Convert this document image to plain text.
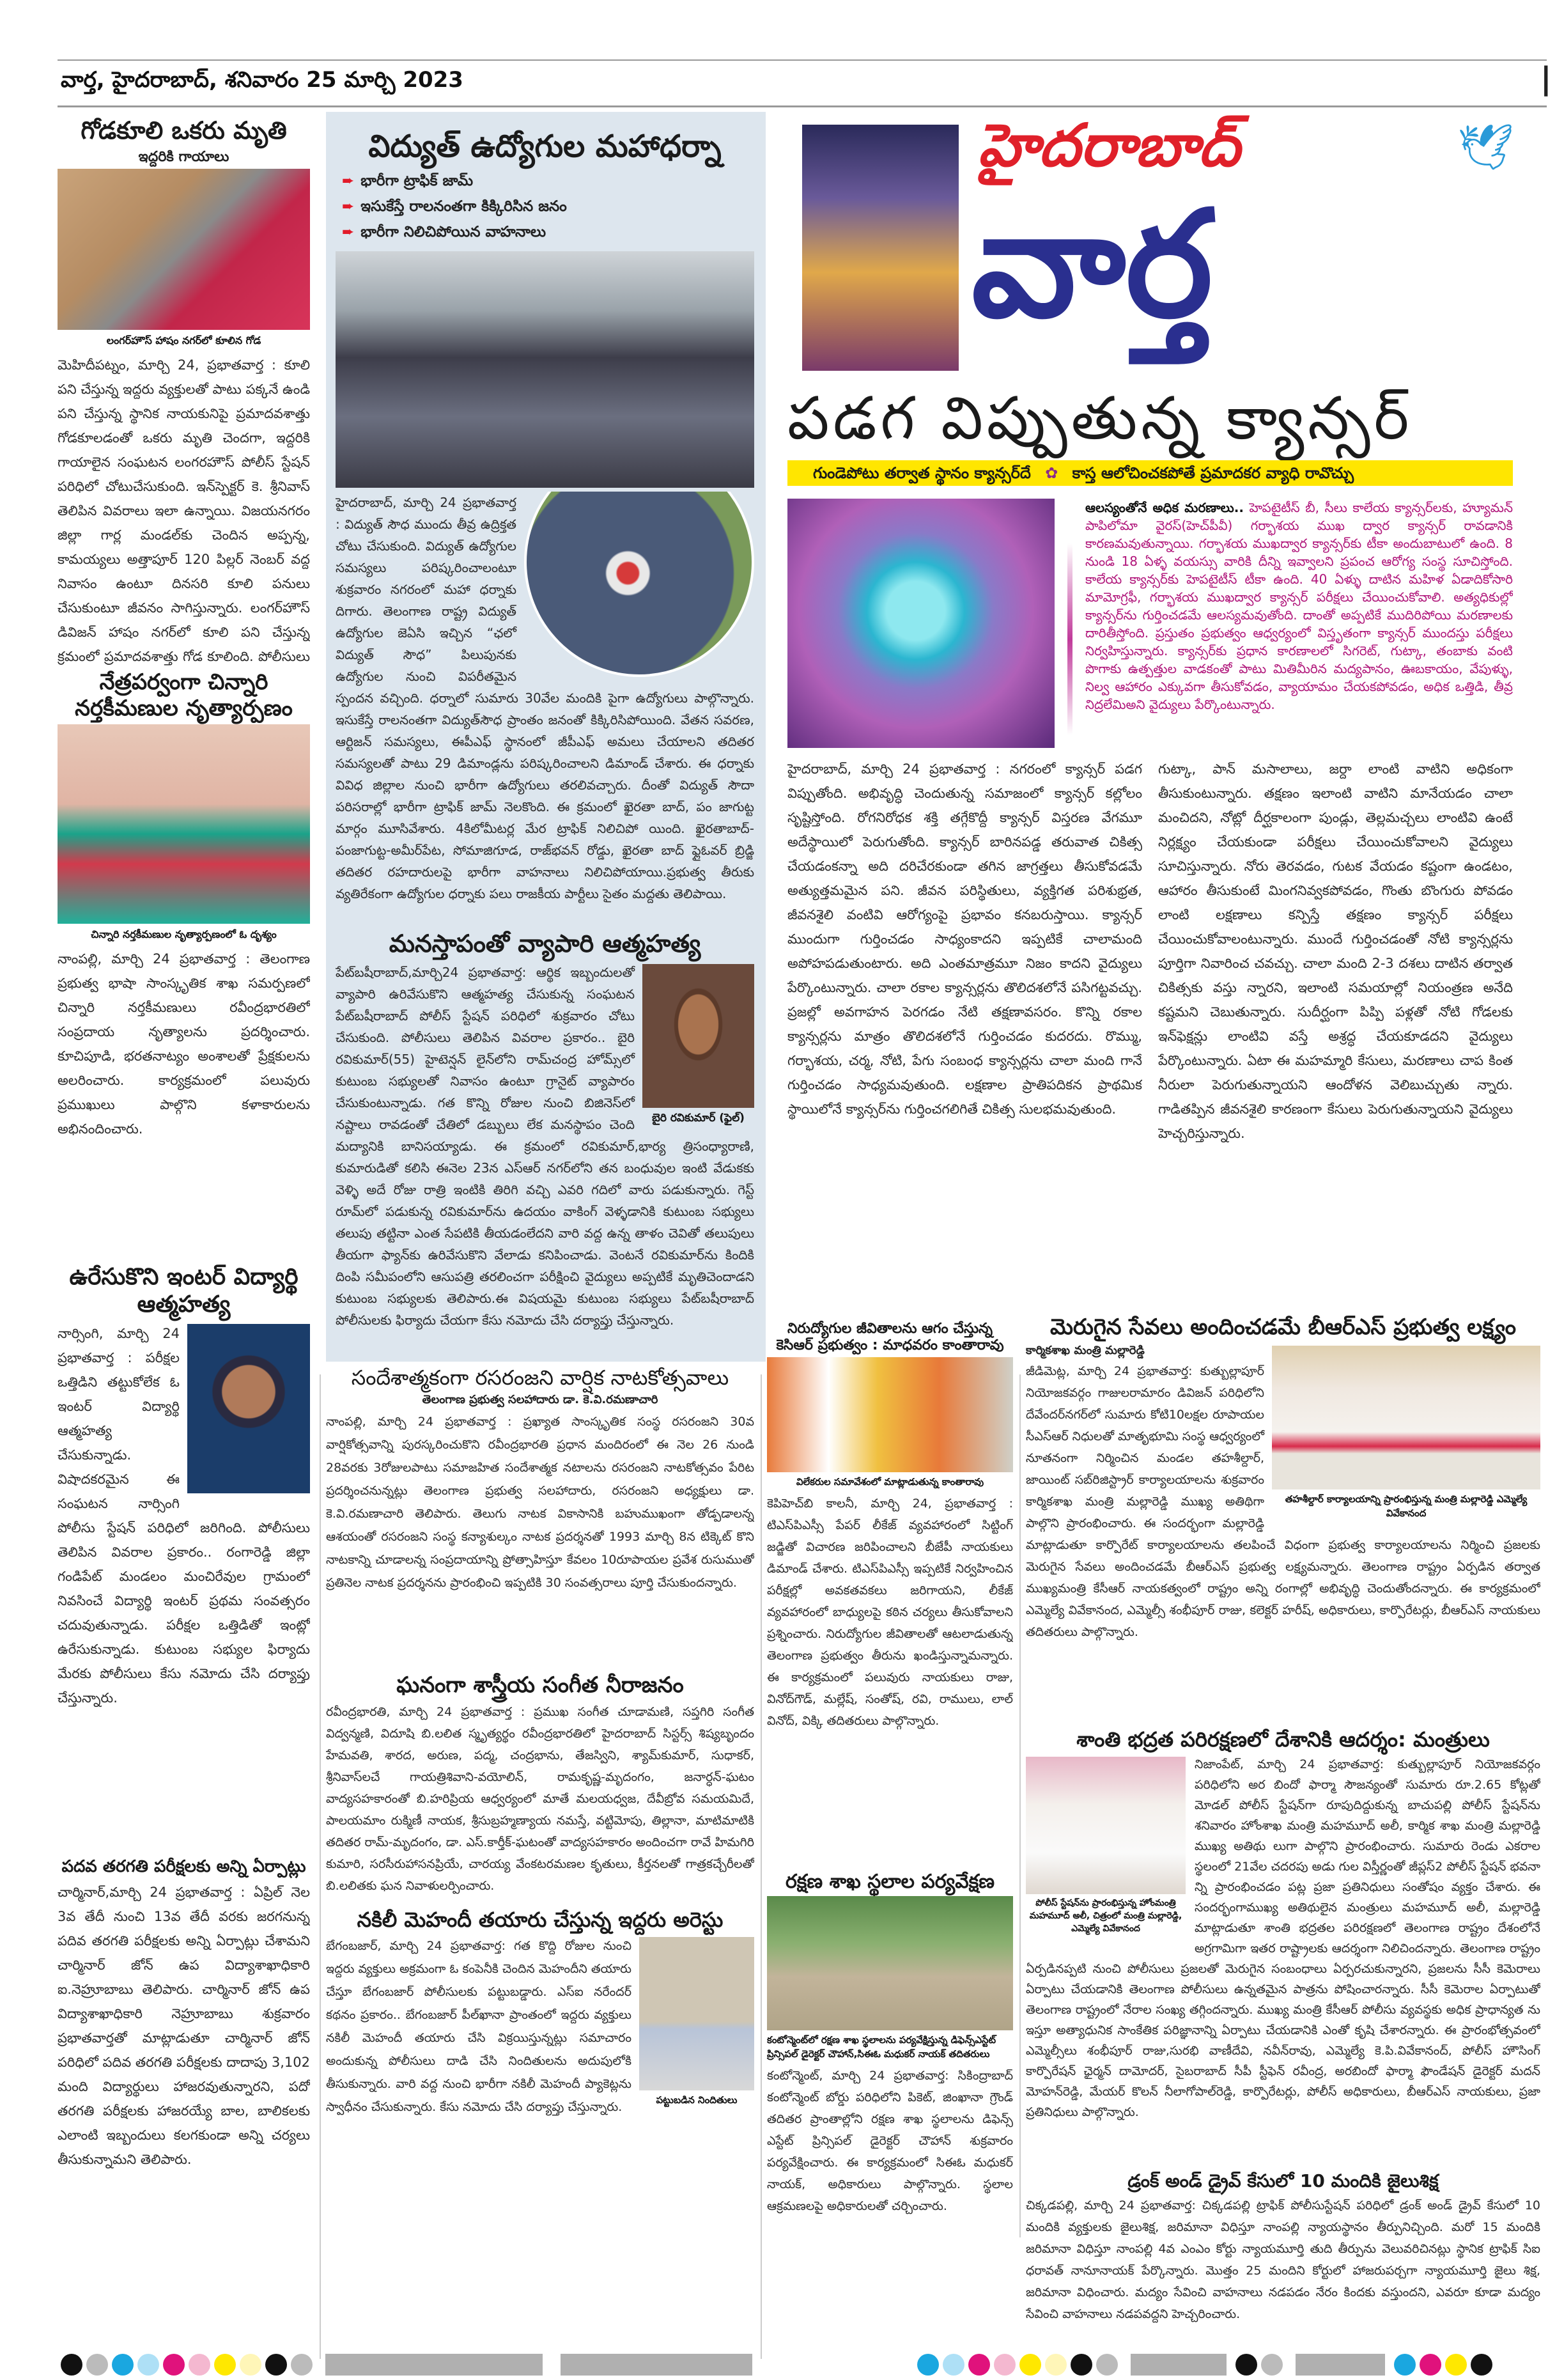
వార్త, హైదరాబాద్, శనివారం 25 మార్చి 2023	|
గోడకూలి ఒకరు మృతి
ఇద్దరికి గాయాలు
లంగర్‌హౌస్ హాషం నగర్‌లో కూలిన గోడ
మెహిదీపట్నం, మార్చి 24, ప్రభాతవార్త : కూలి పని చేస్తున్న ఇద్దరు వ్యక్తులతో పాటు పక్కనే ఉండి పని చేస్తున్న స్థానిక నాయకునిపై ప్రమాదవశాత్తు గోడకూలడంతో ఒకరు మృతి చెందగా, ఇద్దరికి గాయాలైన సంఘటన లంగరహౌస్ పోలీస్ స్టేషన్ పరిధిలో చోటుచేసుకుంది. ఇన్‌స్పెక్టర్ కె. శ్రీనివాస్ తెలిపిన వివరాలు ఇలా ఉన్నాయి. విజయనగరం జిల్లా గార్ల మండల్‌కు చెందిన అప్పన్న, కామయ్యలు అత్తాపూర్ 120 పిల్లర్ నెంబర్ వద్ద నివాసం ఉంటూ దినసరి కూలి పనులు చేసుకుంటూ జీవనం సాగిస్తున్నారు. లంగర్‌హౌస్ డివిజన్ హాషం నగర్‌లో కూలి పని చేస్తున్న క్రమంలో ప్రమాదవశాత్తు గోడ కూలింది. పోలీసులు
నేత్రపర్వంగా చిన్నారి నర్తకీమణుల నృత్యార్పణం
చిన్నారి నర్తకీమణుల నృత్యార్పణంలో ఓ దృశ్యం
నాంపల్లి, మార్చి 24 ప్రభాతవార్త : తెలంగాణ ప్రభుత్వ భాషా సాంస్కృతిక శాఖ సమర్పణలో చిన్నారి నర్తకీమణులు రవీంద్రభారతిలో సంప్రదాయ నృత్యాలను ప్రదర్శించారు. కూచిపూడి, భరతనాట్యం అంశాలతో ప్రేక్షకులను అలరించారు. కార్యక్రమంలో పలువురు ప్రముఖులు పాల్గొని కళాకారులను అభినందించారు.
ఉరేసుకొని ఇంటర్ విద్యార్థి ఆత్మహత్య
నార్సింగి, మార్చి 24 ప్రభాతవార్త : పరీక్షల ఒత్తిడిని తట్టుకోలేక ఓ ఇంటర్ విద్యార్థి ఆత్మహత్య చేసుకున్నాడు. విషాదకరమైన ఈ సంఘటన నార్సింగి పోలీసు స్టేషన్ పరిధిలో జరిగింది. పోలీసులు తెలిపిన వివరాల ప్రకారం.. రంగారెడ్డి జిల్లా గండిపేట్ మండలం మంచిరేవుల గ్రామంలో నివసించే విద్యార్థి ఇంటర్ ప్రథమ సంవత్సరం చదువుతున్నాడు. పరీక్షల ఒత్తిడితో ఇంట్లో ఉరేసుకున్నాడు. కుటుంబ సభ్యుల ఫిర్యాదు మేరకు పోలీసులు కేసు నమోదు చేసి దర్యాప్తు చేస్తున్నారు.
పదవ తరగతి పరీక్షలకు అన్ని ఏర్పాట్లు
చార్మినార్,మార్చి 24 ప్రభాతవార్త : ఏప్రిల్ నెల 3వ తేదీ నుంచి 13వ తేదీ వరకు జరగనున్న పదివ తరగతి పరీక్షలకు అన్ని ఏర్పాట్లు చేశామని చార్మినార్ జోన్ ఉప విద్యాశాఖాధికారి ఐ.నెహ్రూబాబు తెలిపారు. చార్మినార్ జోన్ ఉప విద్యాశాఖాధికారి నెహ్రూబాబు శుక్రవారం ప్రభాతవార్తతో మాట్లాడుతూ చార్మినార్ జోన్ పరిధిలో పదివ తరగతి పరీక్షలకు దాదాపు 3,102 మంది విద్యార్థులు హాజరవుతున్నారని, పదో తరగతి పరీక్షలకు హాజరయ్యే బాల, బాలికలకు ఎలాంటి ఇబ్బందులు కలగకుండా అన్ని చర్యలు తీసుకున్నామని తెలిపారు.
విద్యుత్ ఉద్యోగుల మహాధర్నా
➨ భారీగా ట్రాఫిక్ జామ్
➨ ఇసుకేస్తే రాలనంతగా కిక్కిరిసిన జనం
➨ భారీగా నిలిచిపోయిన వాహనాలు
హైదరాబాద్, మార్చి 24 ప్రభాతవార్త : విద్యుత్ సౌధ ముందు తీవ్ర ఉద్రిక్తత చోటు చేసుకుంది. విద్యుత్ ఉద్యోగుల సమస్యలు పరిష్కరించాలంటూ శుక్రవారం నగరంలో మహా ధర్నాకు దిగారు. తెలంగాణ రాష్ట్ర విద్యుత్ ఉద్యోగుల జెఏసి ఇచ్చిన “ఛలో విద్యుత్ సౌధ” పిలుపునకు ఉద్యోగుల నుంచి విపరీతమైన స్పందన వచ్చింది. ధర్నాలో సుమారు 30వేల మందికి పైగా ఉద్యోగులు పాల్గొన్నారు. ఇసుకేస్తే రాలనంతగా విద్యుత్‌సౌధ ప్రాంతం జనంతో కిక్కిరిసిపోయింది. వేతన సవరణ, ఆర్టిజన్ సమస్యలు, ఈపీఎఫ్ స్థానంలో జీపీఎఫ్ అమలు చేయాలని తదితర సమస్యలతో పాటు 29 డిమాండ్లను పరిష్కరించాలని డిమాండ్ చేశారు. ఈ ధర్నాకు వివిధ జిల్లాల నుంచి భారీగా ఉద్యోగులు తరలివచ్చారు. దీంతో విద్యుత్ సౌదా పరిసరాల్లో భారీగా ట్రాఫిక్ జామ్ నెలకొంది. ఈ క్రమంలో ఖైరతా బాద్, పం జాగుట్ట మార్గం మూసివేశారు. 4కిలోమీటర్ల మేర ట్రాఫిక్ నిలిచిపో యింది. ఖైరతాబాద్-పంజాగుట్ట-అమీర్‌పేట, సోమాజిగూడ, రాజ్‌భవన్ రోడ్డు, ఖైరతా బాద్ ఫ్లైఓవర్ బ్రిడ్జి తదితర రహదారులపై భారీగా వాహనాలు నిలిచిపోయాయి.ప్రభుత్వ తీరుకు వ్యతిరేకంగా ఉద్యోగుల ధర్నాకు పలు రాజకీయ పార్టీలు సైతం మద్దతు తెలిపాయి.
మనస్తాపంతో వ్యాపారి ఆత్మహత్య
బైరి రవికుమార్ (ఫైల్)
పేట్‌బషీరాబాద్,మార్చి24 ప్రభాతవార్త: ఆర్థిక ఇబ్బందులతో వ్యాపారి ఉరివేసుకొని ఆత్మహత్య చేసుకున్న సంఘటన పేట్‌బషీరాబాద్ పోలీస్ స్టేషన్ పరిధిలో శుక్రవారం చోటు చేసుకుంది. పోలీసులు తెలిపిన వివరాల ప్రకారం.. బైరి రవికుమార్(55) హైటెన్షన్ లైన్‌లోని రామ్‌చంద్ర హోమ్స్‌లో కుటుంబ సభ్యులతో నివాసం ఉంటూ గ్రానైట్ వ్యాపారం చేసుకుంటున్నాడు. గత కొన్ని రోజుల నుంచి బిజినెస్‌లో నష్టాలు రావడంతో చేతిలో డబ్బులు లేక మనస్థాపం చెంది మద్యానికి బానిసయ్యాడు. ఈ క్రమంలో రవికుమార్,భార్య త్రిసంధ్యారాణి, కుమారుడితో కలిసి ఈనెల 23న ఎస్ఆర్ నగర్‌లోని తన బంధువుల ఇంటి వేడుకకు వెళ్ళి అదే రోజు రాత్రి ఇంటికి తిరిగి వచ్చి ఎవరి గదిలో వారు పడుకున్నారు. గెస్ట్ రూమ్‌లో పడుకున్న రవికుమార్‌ను ఉదయం వాకింగ్ వెళ్ళడానికి కుటుంబ సభ్యులు తలుపు తట్టినా ఎంత సేపటికి తీయడంలేదని వారి వద్ద ఉన్న తాళం చెవితో తలుపులు తీయగా ఫ్యాన్‌కు ఉరివేసుకొని వేలాడు కనిపించాడు. వెంటనే రవికుమార్‌ను కిందికి దింపి సమీపంలోని ఆసుపత్రి తరలించగా పరీక్షించి వైద్యులు అప్పటికే మృతిచెందాడని కుటుంబ సభ్యులకు తెలిపారు.ఈ విషయమై కుటుంబ సభ్యులు పేట్‌బషీరాబాద్ పోలీసులకు ఫిర్యాదు చేయగా కేసు నమోదు చేసి దర్యాప్తు చేస్తున్నారు.
హైదరాబాద్	🕊
వార్త
పడగ విప్పుతున్న క్యాన్సర్
గుండెపోటు తర్వాత స్థానం క్యాన్సర్‌దే ✿ కాస్త ఆలోచించకపోతే ప్రమాదకర వ్యాధి రావొచ్చు
ఆలస్యంతోనే అధిక మరణాలు.. హెపటైటీస్ బీ, సీలు కాలేయ క్యాన్సర్‌లకు, హ్యూమన్ పాపిలోమా వైరస్(హెచ్‌పీవీ) గర్భాశయ ముఖ ద్వార క్యాన్సర్ రావడానికి కారణమవుతున్నాయి. గర్భాశయ ముఖద్వార క్యాన్సర్‌కు టీకా అందుబాటులో ఉంది. 8 నుండి 18 ఏళ్ళ వయస్సు వారికి దీన్ని ఇవ్వాలని ప్రపంచ ఆరోగ్య సంస్థ సూచిస్తోంది. కాలేయ క్యాన్సర్‌కు హెపటైటీస్ టీకా ఉంది. 40 ఏళ్ళు దాటిన మహిళ ఏడాదికోసారి మామోగ్రఫీ, గర్భాశయ ముఖద్వార క్యాన్సర్ పరీక్షలు చేయించుకోవాలి. అత్యధికుల్లో క్యాన్సర్‌ను గుర్తించడమే ఆలస్యమవుతోంది. దాంతో అప్పటికే ముదిరిపోయి మరణాలకు దారితీస్తోంది. ప్రస్తుతం ప్రభుత్వం ఆధ్వర్యంలో విస్తృతంగా క్యాన్సర్ ముందస్తు పరీక్షలు నిర్వహిస్తున్నారు. క్యాన్సర్‌కు ప్రధాన కారణాలలో సిగరెట్, గుట్కా, తంబాకు వంటి పొగాకు ఉత్పత్తుల వాడకంతో పాటు మితిమీరిన మద్యపానం, ఊబకాయం, వేపుళ్ళు, నిల్వ ఆహారం ఎక్కువగా తీసుకోవడం, వ్యాయామం చేయకపోవడం, అధిక ఒత్తిడి, తీవ్ర నిద్రలేమిఅని వైద్యులు పేర్కొంటున్నారు.
హైదరాబాద్, మార్చి 24 ప్రభాతవార్త : నగరంలో క్యాన్సర్ పడగ విప్పుతోంది. అభివృద్ధి చెందుతున్న సమాజంలో క్యాన్సర్ కల్లోలం సృష్టిస్తోంది. రోగనిరోధక శక్తి తగ్గేకొద్దీ క్యాన్సర్ విస్తరణ వేగమూ అదేస్థాయిలో పెరుగుతోంది. క్యాన్సర్ బారినపడ్డ తరువాత చికిత్స చేయడంకన్నా అది దరిచేరకుండా తగిన జాగ్రత్తలు తీసుకోవడమే అత్యుత్తమమైన పని. జీవన పరిస్థితులు, వ్యక్తిగత పరిశుభ్రత, జీవనశైలి వంటివి ఆరోగ్యంపై ప్రభావం కనబరుస్తాయి. క్యాన్సర్ ముందుగా గుర్తించడం సాధ్యంకాదని ఇప్పటికే చాలామంది అపోహపడుతుంటారు. అది ఎంతమాత్రమూ నిజం కాదని వైద్యులు పేర్కొంటున్నారు. చాలా రకాల క్యాన్సర్లను తొలిదశలోనే పసిగట్టవచ్చు. ప్రజల్లో అవగాహన పెరగడం నేటి తక్షణావసరం. కొన్ని రకాల క్యాన్సర్లను మాత్రం తొలిదశలోనే గుర్తించడం కుదరదు. రొమ్ము, గర్భాశయ, చర్మ, నోటి, పేగు సంబంధ క్యాన్సర్లను చాలా మంది గానే గుర్తించడం సాధ్యమవుతుంది. లక్షణాల ప్రాతిపదికన ప్రాథమిక స్థాయిలోనే క్యాన్సర్‌ను గుర్తించగలిగితే చికిత్స సులభమవుతుంది.
గుట్కా, పాన్ మసాలాలు, జర్దా లాంటి వాటిని అధికంగా తీసుకుంటున్నారు. తక్షణం ఇలాంటి వాటిని మానేయడం చాలా మంచిదని, నోట్లో దీర్ఘకాలంగా పుండ్లు, తెల్లమచ్చలు లాంటివి ఉంటే నిర్లక్ష్యం చేయకుండా పరీక్షలు చేయించుకోవాలని వైద్యులు సూచిస్తున్నారు. నోరు తెరవడం, గుటక వేయడం కష్టంగా ఉండటం, ఆహారం తీసుకుంటే మింగనివ్వకపోవడం, గొంతు బొంగురు పోవడం లాంటి లక్షణాలు కన్పిస్తే తక్షణం క్యాన్సర్ పరీక్షలు చేయించుకోవాలంటున్నారు. ముందే గుర్తించడంతో నోటి క్యాన్సర్లను పూర్తిగా నివారించ చవచ్చు. చాలా మంది 2-3 దశలు దాటిన తర్వాత చికిత్సకు వస్తు న్నారని, ఇలాంటి సమయాల్లో నియంత్రణ అనేది కష్టమని చెబుతున్నారు. సుదీర్ఘంగా పిప్పి పళ్లతో నోటి గోడలకు ఇన్‌ఫెక్షన్లు లాంటివి వస్తే అశ్రద్ధ చేయకూడదని వైద్యులు పేర్కొంటున్నారు. ఏటా ఈ మహమ్మారి కేసులు, మరణాలు చాప కింత నీరులా పెరుగుతున్నాయని ఆందోళన వెలిబుచ్చుతు న్నారు. గాడితప్పిన జీవనశైలి కారణంగా కేసులు పెరుగుతున్నాయని వైద్యులు హెచ్చరిస్తున్నారు.
సందేశాత్మకంగా రసరంజని వార్షిక నాటకోత్సవాలు
తెలంగాణ ప్రభుత్వ సలహాదారు డా. కె.వి.రమణాచారి
నాంపల్లి, మార్చి 24 ప్రభాతవార్త : ప్రఖ్యాత సాంస్కృతిక సంస్థ రసరంజని 30వ వార్షికోత్సవాన్ని పురస్కరించుకొని రవీంద్రభారతి ప్రధాన మందిరంలో ఈ నెల 26 నుండి 28వరకు 3రోజులపాటు సమాజహిత సందేశాత్మక నటాలను రసరంజని నాటకోత్సవం పేరిట ప్రదర్శించనున్నట్లు తెలంగాణ ప్రభుత్వ సలహాదారు, రసరంజని అధ్యక్షులు డా. కె.వి.రమణాచారి తెలిపారు. తెలుగు నాటక వికాసానికి బహుముఖంగా తోడ్పడాలన్న ఆశయంతో రసరంజని సంస్థ కన్యాశుల్కం నాటక ప్రదర్శనతో 1993 మార్చి 8న టిక్కెట్ కొని నాటకాన్ని చూడాలన్న సంప్రదాయాన్ని ప్రోత్సాహిస్తూ కేవలం 10రూపాయల ప్రవేశ రుసుముతో ప్రతినెల నాటక ప్రదర్శనను ప్రారంభించి ఇప్పటికి 30 సంవత్సరాలు పూర్తి చేసుకుందన్నారు.
ఘనంగా శాస్త్రీయ సంగీత నీరాజనం
రవీంద్రభారతి, మార్చి 24 ప్రభాతవార్త : ప్రముఖ సంగీత చూడామణి, సప్తగిరి సంగీత విద్వన్మణి, విదూషి బి.లలిత స్మృత్యర్థం రవీంద్రభారతిలో హైదరాబాద్ సిస్టర్స్ శిష్యబృందం హేమవతి, శారద, అరుణ, పద్మ, చంద్రభాను, తేజస్విని, శ్యామ్‌కుమార్, సుధాకర్, శ్రీనివాస్‌లచే గాయత్రిశివాని-వయోలిన్, రామకృష్ణ-మృదంగం, జనార్ధన్-ఘటం వాద్యసహకారంతో బి.హరిప్రియ ఆధ్వర్యంలో మాతే మలయధ్వజ, దేవీబ్రోవ సమయమిదే, పాలయమాం రుక్మిణీ నాయక, శ్రీసుబ్రహ్మణ్యాయ నమస్తే, వట్టిమోపు, తిల్లానా, మాటిమాటికి తదితర రామ్-మృదంగం, డా. ఎస్.కార్తీక్-ఘటంతో వాద్యసహకారం అందించగా రావే హిమగిరి కుమారి, సరసీరుహాసనప్రియే, చారయ్య వేంకటరమణల కృతులు, కీర్తనలతో గాత్రకచ్చేరీలతో బి.లలితకు ఘన నివాళులర్పించారు.
నకిలీ మెహందీ తయారు చేస్తున్న ఇద్దరు అరెస్టు
పట్టుబడిన నిందితులు
బేగంబజార్, మార్చి 24 ప్రభాతవార్త: గత కొద్ది రోజుల నుంచి ఇద్దరు వ్యక్తులు అక్రమంగా ఓ కంపెనీకి చెందిన మెహందీని తయారు చేస్తూ బేగంబజార్ పోలీసులకు పట్టుబడ్డారు. ఎస్ఐ నరేందర్ కథనం ప్రకారం.. బేగంబజార్ పీల్‌ఖానా ప్రాంతంలో ఇద్దరు వ్యక్తులు నకిలీ మెహందీ తయారు చేసి విక్రయిస్తున్నట్లు సమాచారం అందుకున్న పోలీసులు దాడి చేసి నిందితులను అదుపులోకి తీసుకున్నారు. వారి వద్ద నుంచి భారీగా నకిలీ మెహందీ ప్యాకెట్లను స్వాధీనం చేసుకున్నారు. కేసు నమోదు చేసి దర్యాప్తు చేస్తున్నారు.
నిరుద్యోగుల జీవితాలను ఆగం చేస్తున్న కెసిఆర్ ప్రభుత్వం : మాధవరం కాంతారావు
విలేకరుల సమావేశంలో మాట్లాడుతున్న కాంతారావు
కెపిహెచ్‌బి కాలనీ, మార్చి 24, ప్రభాతవార్త : టిఎస్‌పిఎస్సీ పేపర్ లీకేజ్ వ్యవహారంలో సిట్టింగ్ జడ్జితో విచారణ జరిపించాలని బీజేపీ నాయకులు డిమాండ్ చేశారు. టిఎస్‌పిఎస్సీ ఇప్పటికే నిర్వహించిన పరీక్షల్లో అవకతవకలు జరిగాయని, లీకేజ్ వ్యవహారంలో బాధ్యులపై కఠిన చర్యలు తీసుకోవాలని ప్రశ్నించారు. నిరుద్యోగుల జీవితాలతో ఆటలాడుతున్న తెలంగాణ ప్రభుత్వం తీరును ఖండిస్తున్నామన్నారు. ఈ కార్యక్రమంలో పలువురు నాయకులు రాజు, వినోద్‌గౌడ్, మల్లేష్, సంతోష్, రవి, రాములు, లాల్ వినోద్, విక్కి తదితరులు పాల్గొన్నారు.
రక్షణ శాఖ స్థలాల పర్యవేక్షణ
కంటోన్మెంట్‌లో రక్షణ శాఖ స్థలాలను పర్యవేక్షిస్తున్న డిఫెన్స్‌ఎస్టేట్ ప్రిన్సిపల్ డైరెక్టర్ చౌహాన్,సిఈఓ మధుకర్ నాయక్ తదితరులు
కంటోన్మెంట్, మార్చి 24 ప్రభాతవార్త: సికింద్రాబాద్ కంటోన్మెంట్ బోర్డు పరిధిలోని పికెట్, జింఖానా గ్రౌండ్ తదితర ప్రాంతాల్లోని రక్షణ శాఖ స్థలాలను డిఫెన్స్ ఎస్టేట్ ప్రిన్సిపల్ డైరెక్టర్ చౌహాన్ శుక్రవారం పర్యవేక్షించారు. ఈ కార్యక్రమంలో సిఈఓ మధుకర్ నాయక్, అధికారులు పాల్గొన్నారు. స్థలాల ఆక్రమణలపై అధికారులతో చర్చించారు.
మెరుగైన సేవలు అందించడమే బీఆర్ఎస్ ప్రభుత్వ లక్ష్యం
తహశీల్దార్ కార్యాలయాన్ని ప్రారంభిస్తున్న మంత్రి మల్లారెడ్డి ఎమ్మెల్యే వివేకానంద
కార్మికశాఖ మంత్రి మల్లారెడ్డి
జీడిమెట్ల, మార్చి 24 ప్రభాతవార్త: కుత్బుల్లాపూర్ నియోజకవర్గం గాజులరామారం డివిజన్ పరిధిలోని దేవేందర్‌నగర్‌లో సుమారు కోటి10లక్షల రూపాయల సీఎస్ఆర్ నిధులతో మాతృభూమి సంస్థ ఆధ్వర్యంలో నూతనంగా నిర్మించిన మండల తహశీల్దార్, జాయింట్ సబ్‌రిజిస్ట్రార్ కార్యాలయాలను శుక్రవారం కార్మికశాఖ మంత్రి మల్లారెడ్డి ముఖ్య అతిథిగా పాల్గొని ప్రారంభించారు. ఈ సందర్భంగా మల్లారెడ్డి మాట్లాడుతూ కార్పొరేట్ కార్యాలయాలను తలపించే విధంగా ప్రభుత్వ కార్యాలయాలను నిర్మించి ప్రజలకు మెరుగైన సేవలు అందించడమే బీఆర్ఎస్ ప్రభుత్వ లక్ష్యమన్నారు. తెలంగాణ రాష్ట్రం ఏర్పడిన తర్వాత ముఖ్యమంత్రి కేసీఆర్ నాయకత్వంలో రాష్ట్రం అన్ని రంగాల్లో అభివృద్ధి చెందుతోందన్నారు. ఈ కార్యక్రమంలో ఎమ్మెల్యే వివేకానంద, ఎమ్మెల్సీ శంభీపూర్ రాజు, కలెక్టర్ హరీష్, అధికారులు, కార్పొరేటర్లు, బీఆర్ఎస్ నాయకులు తదితరులు పాల్గొన్నారు.
శాంతి భద్రత పరిరక్షణలో దేశానికి ఆదర్శం: మంత్రులు
పోలీస్ స్టేషన్‌ను ప్రారంభిస్తున్న హోంమంత్రి మహమూద్ అలీ, చిత్రంలో మంత్రి మల్లారెడ్డి, ఎమ్మెల్యే వివేకానంద
నిజాంపేట్, మార్చి 24 ప్రభాతవార్త: కుత్బుల్లాపూర్ నియోజకవర్గం పరిధిలోని అర బిందో ఫార్మా సౌజన్యంతో సుమారు రూ.2.65 కోట్లతో మోడల్ పోలీస్ స్టేషన్‌గా రూపుదిద్దుకున్న బాచుపల్లి పోలీస్ స్టేషన్‌ను శనివారం హోంశాఖ మంత్రి మహమూద్ అలీ, కార్మిక శాఖ మంత్రి మల్లారెడ్డి ముఖ్య అతిథు లుగా పాల్గొని ప్రారంభించారు. సుమారు రెండు ఎకరాల స్థలంలో 21వేల చదరపు అడు గుల విస్తీర్ణంతో జీప్లస్2 పోలీస్ స్టేషన్ భవనా న్ని ప్రారంభించడం పట్ల ప్రజా ప్రతినిధులు సంతోషం వ్యక్తం చేశారు. ఈ సందర్భంగాముఖ్య అతిథులైన మంత్రులు మహమూద్ అలీ, మల్లారెడ్డి మాట్లాడుతూ శాంతి భద్రతల పరిరక్షణలో తెలంగాణ రాష్ట్రం దేశంలోనే అగ్రగామిగా ఇతర రాష్ట్రాలకు ఆదర్శంగా నిలిచిందన్నారు. తెలంగాణ రాష్ట్రం ఏర్పడినప్పటి నుంచి పోలీసులు ప్రజలతో మెరుగైన సంబంధాలు ఏర్పరచుకున్నారని, ప్రజలను సీసీ కెమెరాలు ఏర్పాటు చేయడానికి తెలంగాణ పోలీసులు ఉన్నతమైన పాత్రను పోషించారన్నారు. సీసీ కెమెరాల ఏర్పాటుతో తెలంగాణ రాష్ట్రంలో నేరాల సంఖ్య తగ్గిందన్నారు. ముఖ్య మంత్రి కేసీఆర్ పోలీసు వ్యవస్థకు అధిక ప్రాధాన్యత ను ఇస్తూ అత్యాధునిక సాంకేతిక పరిజ్ఞానాన్ని ఏర్పాటు చేయడానికి ఎంతో కృషి చేశారన్నారు. ఈ ప్రారంభోత్సవంలో ఎమ్మెల్సీలు శంభీపూర్ రాజు,సురభి వాణీదేవి, నవీన్‌రావు, ఎమ్మెల్యే కె.పి.వివేకానంద్, పోలీస్ హౌసింగ్ కార్పొరేషన్ ఛైర్మన్ దామోదర్, సైబరాబాద్ సీపీ స్టీఫెన్ రవీంద్ర, అరబిందో ఫార్మా ఫౌండేషన్ డైరెక్టర్ మదన్ మోహన్‌రెడ్డి, మేయర్ కొలన్ నీలాగోపాల్‌రెడ్డి, కార్పొరేటర్లు, పోలీస్ అధికారులు, బీఆర్ఎస్ నాయకులు, ప్రజా ప్రతినిధులు పాల్గొన్నారు.
డ్రంక్ అండ్ డ్రైవ్ కేసులో 10 మందికి జైలుశిక్ష
చిక్కడపల్లి, మార్చి 24 ప్రభాతవార్త: చిక్కడపల్లి ట్రాఫిక్ పోలీసుస్టేషన్ పరిధిలో డ్రంక్ అండ్ డ్రైవ్ కేసులో 10 మందికి వ్యక్తులకు జైలుశిక్ష, జరిమానా విధిస్తూ నాంపల్లి న్యాయస్థానం తీర్పునిచ్చింది. మరో 15 మందికి జరిమానా విధిస్తూ నాంపల్లి 4వ ఎంఎం కోర్టు న్యాయమూర్తి తుది తీర్పును వెలువరిచినట్లు స్థానిక ట్రాఫిక్ సిఐ ధరావత్ నానూనాయక్ పేర్కొన్నారు. మొత్తం 25 మందిని కోర్టులో హాజరుపర్చగా న్యాయమూర్తి జైలు శిక్ష, జరిమానా విధించారు. మద్యం సేవించి వాహనాలు నడపడం నేరం కిందకు వస్తుందని, ఎవరూ కూడా మద్యం సేవించి వాహనాలు నడపవద్దని హెచ్చరించారు.
